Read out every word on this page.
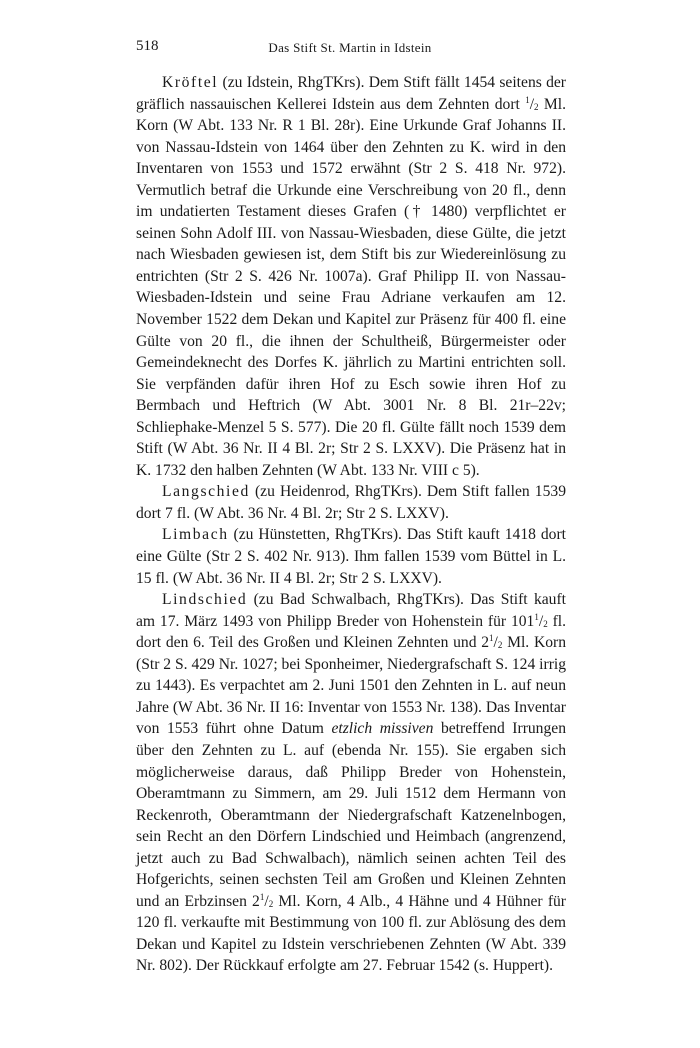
518	Das Stift St. Martin in Idstein

Kröftel (zu Idstein, RhgTKrs). Dem Stift fällt 1454 seitens der gräflich nassauischen Kellerei Idstein aus dem Zehnten dort $^1/_2$ Ml. Korn (W Abt. 133 Nr. R 1 Bl. 28r). Eine Urkunde Graf Johanns II. von Nassau-Idstein von 1464 über den Zehnten zu K. wird in den Inventaren von 1553 und 1572 erwähnt (Str 2 S. 418 Nr. 972). Vermutlich betraf die Urkunde eine Verschreibung von 20 fl., denn im undatierten Testament dieses Grafen († 1480) verpflichtet er seinen Sohn Adolf III. von Nassau-Wiesbaden, diese Gülte, die jetzt nach Wiesbaden gewiesen ist, dem Stift bis zur Wiedereinlösung zu entrichten (Str 2 S. 426 Nr. 1007a). Graf Philipp II. von Nassau-Wiesbaden-Idstein und seine Frau Adriane verkaufen am 12. November 1522 dem Dekan und Kapitel zur Präsenz für 400 fl. eine Gülte von 20 fl., die ihnen der Schultheiß, Bürgermeister oder Gemeindeknecht des Dorfes K. jährlich zu Martini entrichten soll. Sie verpfänden dafür ihren Hof zu Esch sowie ihren Hof zu Bermbach und Heftrich (W Abt. 3001 Nr. 8 Bl. 21r–22v; Schliephake-Menzel 5 S. 577). Die 20 fl. Gülte fällt noch 1539 dem Stift (W Abt. 36 Nr. II 4 Bl. 2r; Str 2 S. LXXV). Die Präsenz hat in K. 1732 den halben Zehnten (W Abt. 133 Nr. VIII c 5).

Langschied (zu Heidenrod, RhgTKrs). Dem Stift fallen 1539 dort 7 fl. (W Abt. 36 Nr. 4 Bl. 2r; Str 2 S. LXXV).

Limbach (zu Hünstetten, RhgTKrs). Das Stift kauft 1418 dort eine Gülte (Str 2 S. 402 Nr. 913). Ihm fallen 1539 vom Büttel in L. 15 fl. (W Abt. 36 Nr. II 4 Bl. 2r; Str 2 S. LXXV).

Lindschied (zu Bad Schwalbach, RhgTKrs). Das Stift kauft am 17. März 1493 von Philipp Breder von Hohenstein für $101^1/_2$ fl. dort den 6. Teil des Großen und Kleinen Zehnten und $2^1/_2$ Ml. Korn (Str 2 S. 429 Nr. 1027; bei Sponheimer, Niedergrafschaft S. 124 irrig zu 1443). Es verpachtet am 2. Juni 1501 den Zehnten in L. auf neun Jahre (W Abt. 36 Nr. II 16: Inventar von 1553 Nr. 138). Das Inventar von 1553 führt ohne Datum etzlich missiven betreffend Irrungen über den Zehnten zu L. auf (ebenda Nr. 155). Sie ergaben sich möglicherweise daraus, daß Philipp Breder von Hohenstein, Oberamtmann zu Simmern, am 29. Juli 1512 dem Hermann von Reckenroth, Oberamtmann der Niedergrafschaft Katzenelnbogen, sein Recht an den Dörfern Lindschied und Heimbach (angrenzend, jetzt auch zu Bad Schwalbach), nämlich seinen achten Teil des Hofgerichts, seinen sechsten Teil am Großen und Kleinen Zehnten und an Erbzinsen $2^1/_2$ Ml. Korn, 4 Alb., 4 Hähne und 4 Hühner für 120 fl. verkaufte mit Bestimmung von 100 fl. zur Ablösung des dem Dekan und Kapitel zu Idstein verschriebenen Zehnten (W Abt. 339 Nr. 802). Der Rückkauf erfolgte am 27. Februar 1542 (s. Huppert).
